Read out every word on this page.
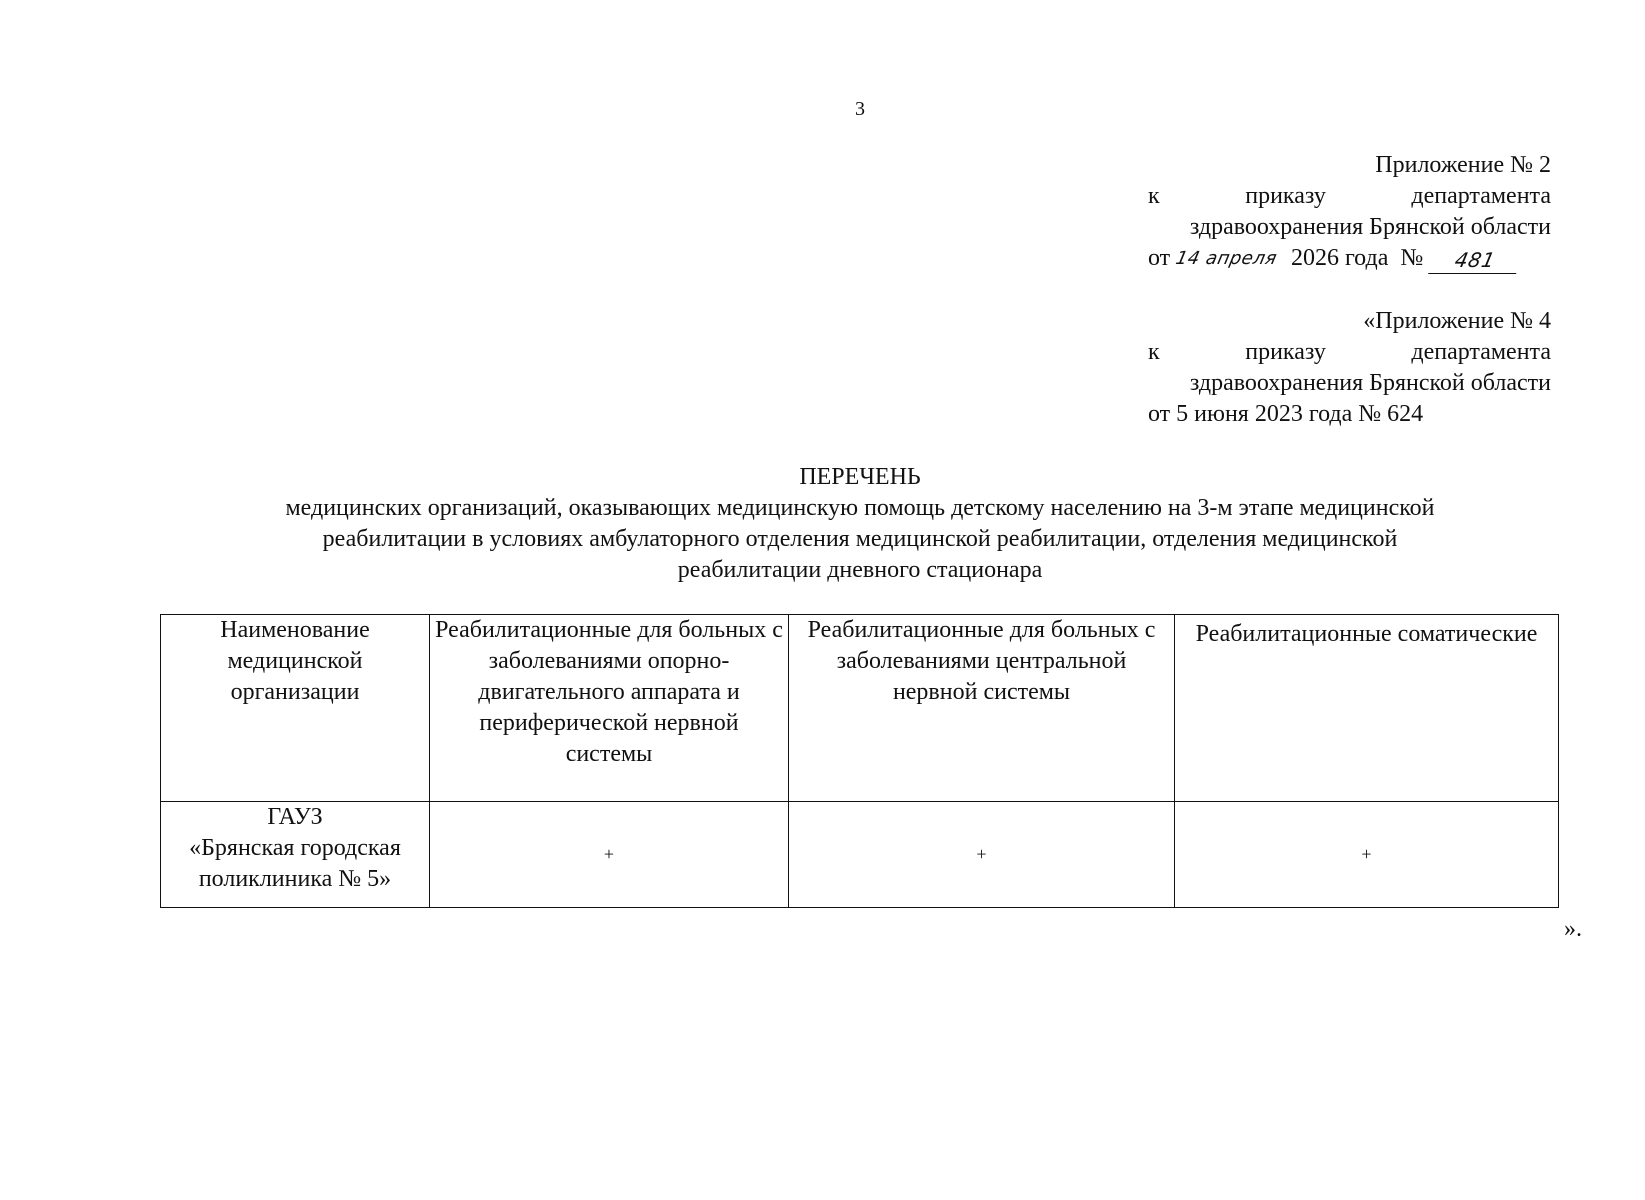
3
Приложение № 2
к	приказу	департамента
здравоохранения Брянской области
от 14 апреля 2026 года №	481
«Приложение № 4
к	приказу	департамента
здравоохранения Брянской области
от 5 июня 2023 года № 624
ПЕРЕЧЕНЬ
медицинских организаций, оказывающих медицинскую помощь детскому населению на 3-м этапе медицинской
реабилитации в условиях амбулаторного отделения медицинской реабилитации, отделения медицинской
реабилитации дневного стационара
Наименование медицинской организации	Реабилитационные для больных с заболеваниями опорно-двигательного аппарата и периферической нервной системы	Реабилитационные для больных с заболеваниями центральной нервной системы	Реабилитационные соматические

ГАУЗ
«Брянская городская
поликлиника № 5»	+	+	+
».
